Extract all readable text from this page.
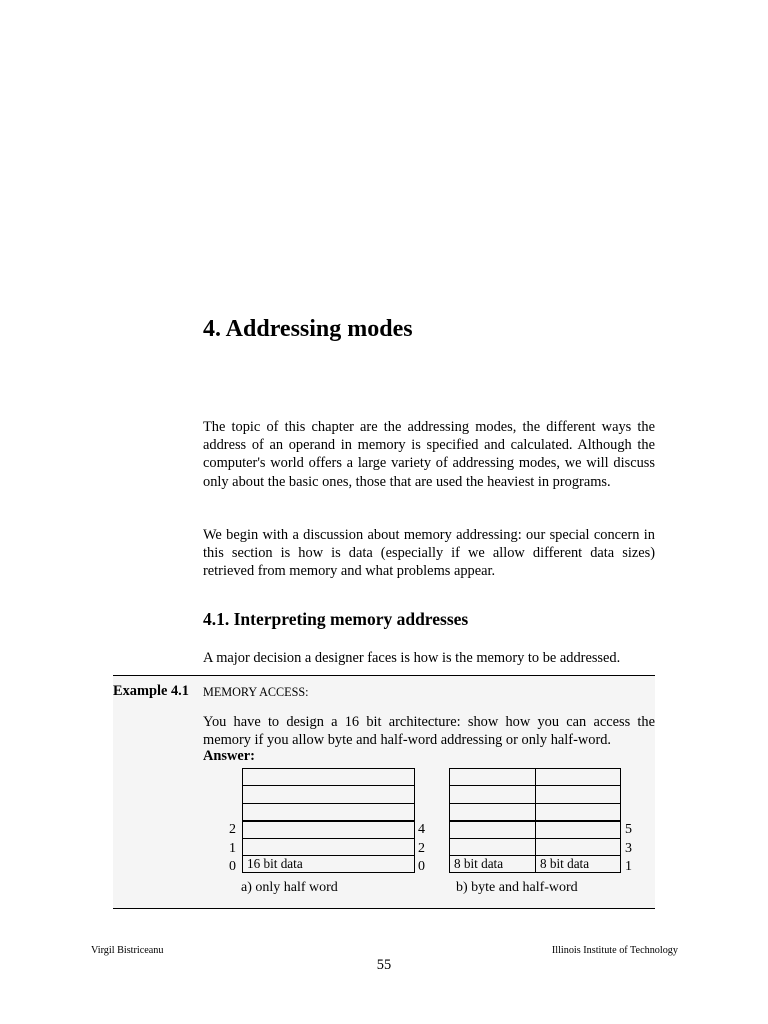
4. Addressing modes
The topic of this chapter are the addressing modes, the different ways the address of an operand in memory is specified and calculated. Although the computer's world offers a large variety of addressing modes, we will discuss only about the basic ones, those that are used the heaviest in programs.
We begin with a discussion about memory addressing: our special concern in this section is how is data (especially if we allow different data sizes) retrieved from memory and what problems appear.
4.1. Interpreting memory addresses
A major decision a designer faces is how is the memory to be addressed.
Example 4.1 MEMORY ACCESS:
You have to design a 16 bit architecture: show how you can access the memory if you allow byte and half-word addressing or only half-word.
Answer:

16 bit data
2
1
0
4
2
0
a) only half word

8 bit data	8 bit data
5
3
1
b) byte and half-word
Virgil Bistriceanu	Illinois Institute of Technology
55
